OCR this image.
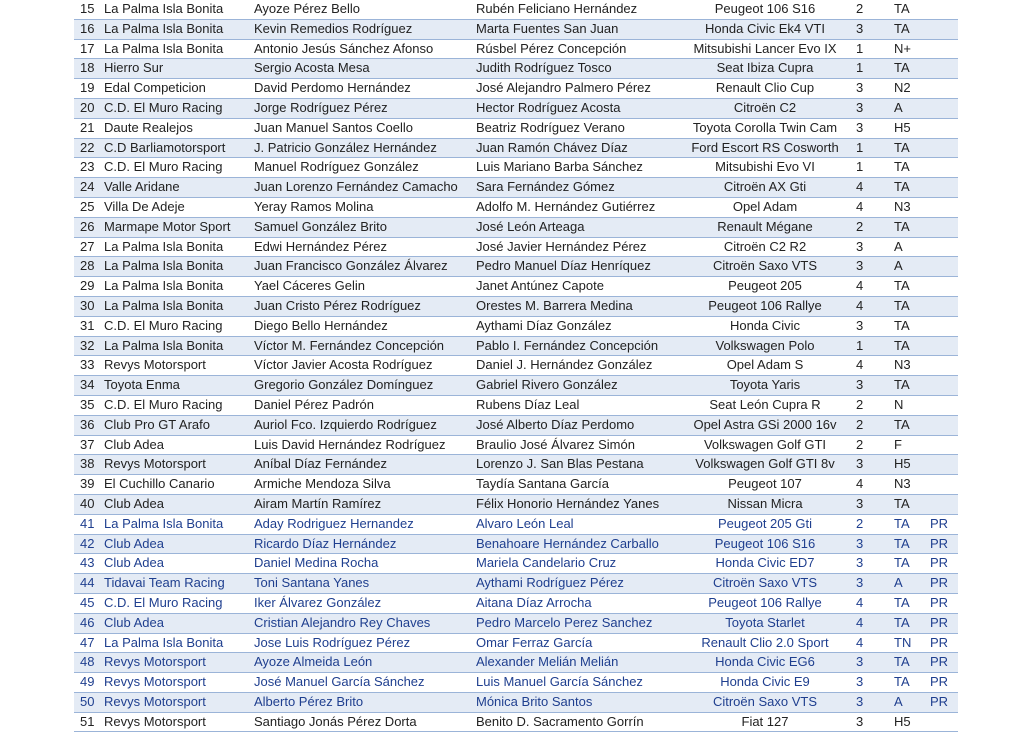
15 La Palma Isla Bonita	Ayoze Pérez Bello	Rubén Feliciano Hernández	Peugeot 106 S16	2	TA
16 La Palma Isla Bonita	Kevin Remedios Rodríguez	Marta Fuentes San Juan	Honda Civic Ek4 VTI	3	TA
17 La Palma Isla Bonita	Antonio Jesús Sánchez Afonso	Rúsbel Pérez Concepción	Mitsubishi Lancer Evo IX	1	N+
18 Hierro Sur	Sergio Acosta Mesa	Judith Rodríguez Tosco	Seat Ibiza Cupra	1	TA
19 Edal Competicion	David Perdomo Hernández	José Alejandro Palmero Pérez	Renault Clio Cup	3	N2
20 C.D. El Muro Racing	Jorge Rodríguez Pérez	Hector Rodríguez Acosta	Citroën C2	3	A
21 Daute Realejos	Juan Manuel Santos Coello	Beatriz Rodríguez Verano	Toyota Corolla Twin Cam	3	H5
22 C.D Barliamotorsport	J. Patricio González Hernández	Juan Ramón Chávez Díaz	Ford Escort RS Cosworth	1	TA
23 C.D. El Muro Racing	Manuel Rodríguez González	Luis Mariano Barba Sánchez	Mitsubishi Evo VI	1	TA
24 Valle Aridane	Juan Lorenzo Fernández Camacho	Sara Fernández Gómez	Citroën AX Gti	4	TA
25 Villa De Adeje	Yeray Ramos Molina	Adolfo M. Hernández Gutiérrez	Opel Adam	4	N3
26 Marmape Motor Sport	Samuel González Brito	José León Arteaga	Renault Mégane	2	TA
27 La Palma Isla Bonita	Edwi Hernández Pérez	José Javier Hernández Pérez	Citroën C2 R2	3	A
28 La Palma Isla Bonita	Juan Francisco González Álvarez	Pedro Manuel Díaz Henríquez	Citroën Saxo VTS	3	A
29 La Palma Isla Bonita	Yael Cáceres Gelin	Janet Antúnez Capote	Peugeot 205	4	TA
30 La Palma Isla Bonita	Juan Cristo Pérez Rodríguez	Orestes M. Barrera Medina	Peugeot 106 Rallye	4	TA
31 C.D. El Muro Racing	Diego Bello Hernández	Aythami Díaz González	Honda Civic	3	TA
32 La Palma Isla Bonita	Víctor M. Fernández Concepción	Pablo I. Fernández Concepción	Volkswagen Polo	1	TA
33 Revys Motorsport	Víctor Javier Acosta Rodríguez	Daniel J. Hernández González	Opel Adam S	4	N3
34 Toyota Enma	Gregorio González Domínguez	Gabriel Rivero González	Toyota Yaris	3	TA
35 C.D. El Muro Racing	Daniel Pérez Padrón	Rubens Díaz Leal	Seat León Cupra R	2	N
36 Club Pro GT Arafo	Auriol Fco. Izquierdo Rodríguez	José Alberto Díaz Perdomo	Opel Astra GSi 2000 16v	2	TA
37 Club Adea	Luis David Hernández Rodríguez	Braulio José Álvarez Simón	Volkswagen Golf GTI	2	F
38 Revys Motorsport	Aníbal Díaz Fernández	Lorenzo J. San Blas Pestana	Volkswagen Golf GTI 8v	3	H5
39 El Cuchillo Canario	Armiche Mendoza Silva	Taydía Santana García	Peugeot 107	4	N3
40 Club Adea	Airam Martín Ramírez	Félix Honorio Hernández Yanes	Nissan Micra	3	TA
41 La Palma Isla Bonita	Aday Rodriguez Hernandez	Alvaro León Leal	Peugeot 205 Gti	2	TA	PR
42 Club Adea	Ricardo Díaz Hernández	Benahoare Hernández Carballo	Peugeot 106 S16	3	TA	PR
43 Club Adea	Daniel Medina Rocha	Mariela Candelario Cruz	Honda Civic ED7	3	TA	PR
44 Tidavai Team Racing	Toni Santana Yanes	Aythami Rodríguez Pérez	Citroën Saxo VTS	3	A	PR
45 C.D. El Muro Racing	Iker Álvarez González	Aitana Díaz Arrocha	Peugeot 106 Rallye	4	TA	PR
46 Club Adea	Cristian Alejandro Rey Chaves	Pedro Marcelo Perez Sanchez	Toyota Starlet	4	TA	PR
47 La Palma Isla Bonita	Jose Luis Rodríguez Pérez	Omar Ferraz García	Renault Clio 2.0 Sport	4	TN	PR
48 Revys Motorsport	Ayoze Almeida León	Alexander Melián Melián	Honda Civic EG6	3	TA	PR
49 Revys Motorsport	José Manuel García Sánchez	Luis Manuel García Sánchez	Honda Civic E9	3	TA	PR
50 Revys Motorsport	Alberto Pérez Brito	Mónica Brito Santos	Citroën Saxo VTS	3	A	PR
51 Revys Motorsport	Santiago Jonás Pérez Dorta	Benito D. Sacramento Gorrín	Fiat 127	3	H5
